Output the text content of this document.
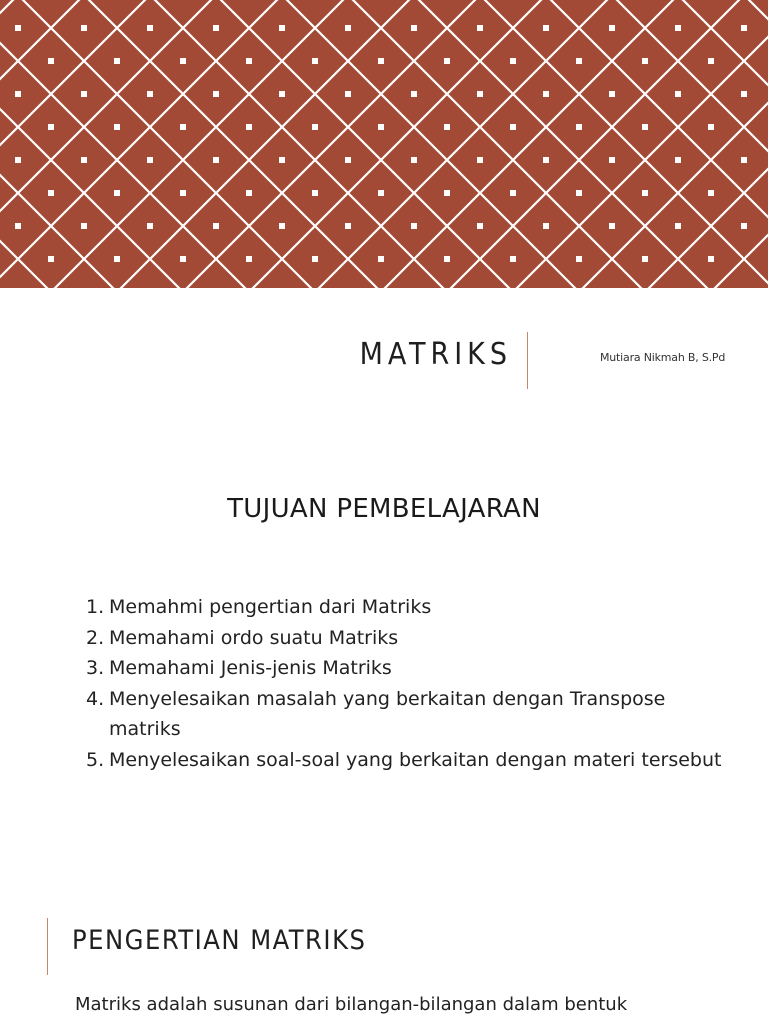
MATRIKS	Mutiara Nikmah B, S.Pd
TUJUAN PEMBELAJARAN
1. Memahmi pengertian dari Matriks
2. Memahami ordo suatu Matriks
3. Memahami Jenis-jenis Matriks
4. Menyelesaikan masalah yang berkaitan dengan Transpose matriks
5. Menyelesaikan soal-soal yang berkaitan dengan materi tersebut
PENGERTIAN MATRIKS
Matriks adalah susunan dari bilangan-bilangan dalam bentuk
